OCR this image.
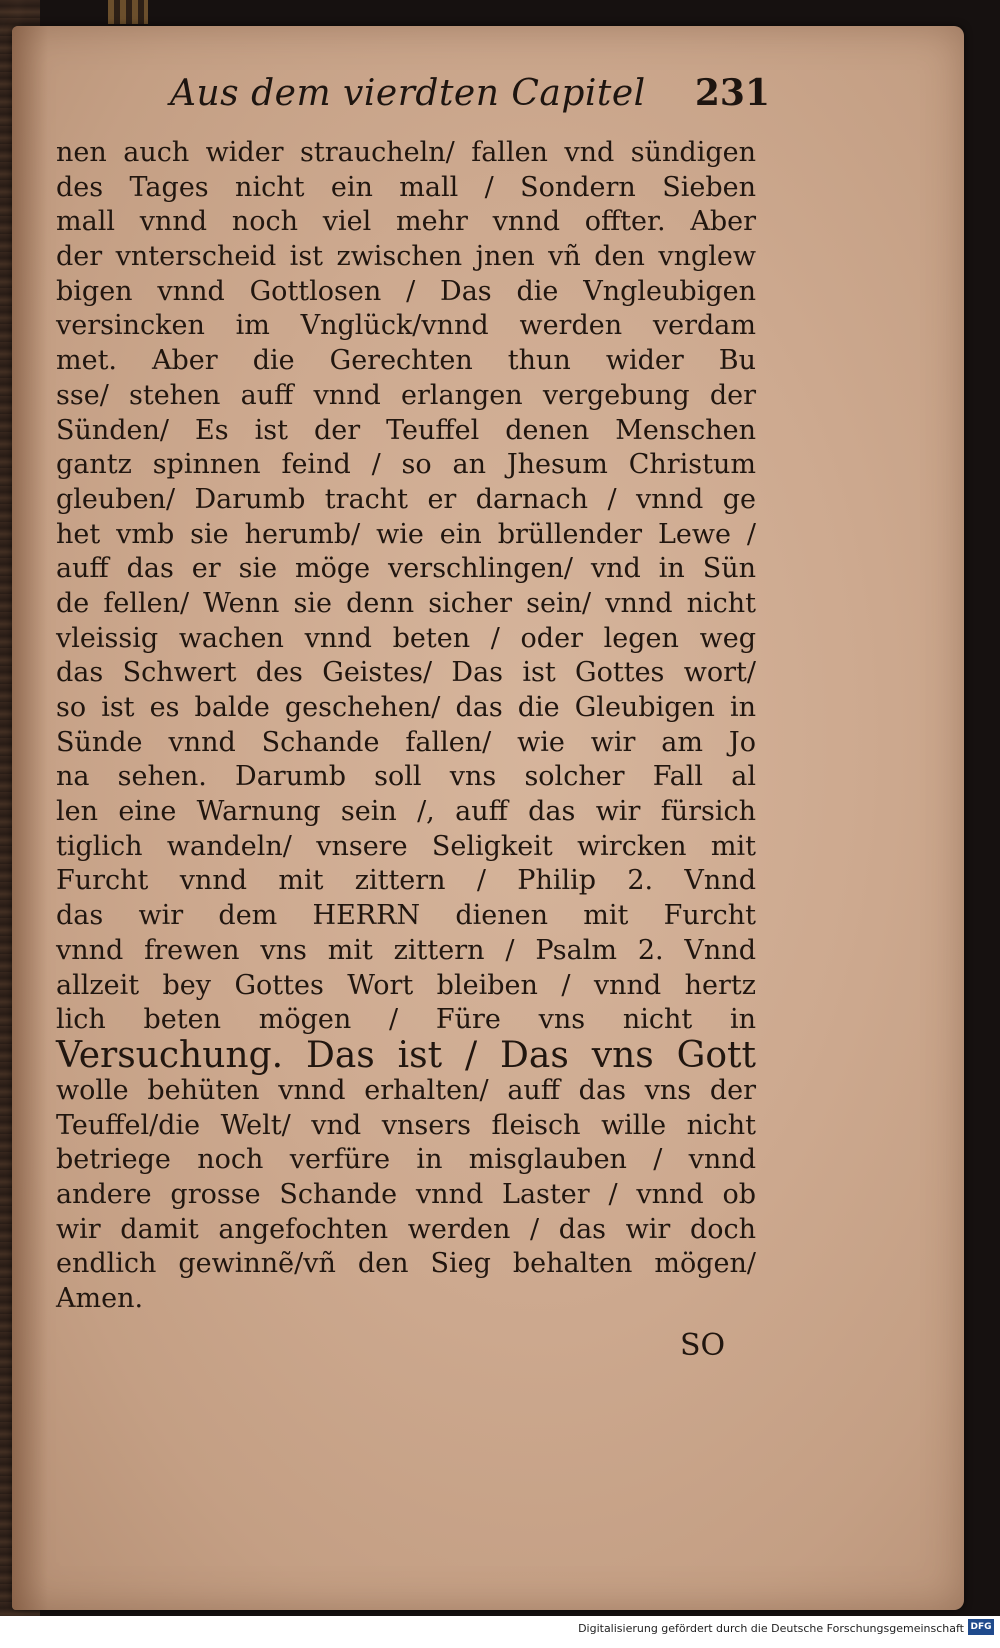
Aus dem vierdten Capitel 231
nen auch wider straucheln/ fallen vnd sündigen
des Tages nicht ein mall / Sondern Sieben
mall vnnd noch viel mehr vnnd offter. Aber
der vnterscheid ist zwischen jnen vñ den vnglew
bigen vnnd Gottlosen / Das die Vngleubigen
versincken im Vnglück/vnnd werden verdam
met. Aber die Gerechten thun wider Bu
sse/ stehen auff vnnd erlangen vergebung der
Sünden/ Es ist der Teuffel denen Menschen
gantz spinnen feind / so an Jhesum Christum
gleuben/ Darumb tracht er darnach / vnnd ge
het vmb sie herumb/ wie ein brüllender Lewe /
auff das er sie möge verschlingen/ vnd in Sün
de fellen/ Wenn sie denn sicher sein/ vnnd nicht
vleissig wachen vnnd beten / oder legen weg
das Schwert des Geistes/ Das ist Gottes wort/
so ist es balde geschehen/ das die Gleubigen in
Sünde vnnd Schande fallen/ wie wir am Jo
na sehen. Darumb soll vns solcher Fall al
len eine Warnung sein /, auff das wir fürsich
tiglich wandeln/ vnsere Seligkeit wircken mit
Furcht vnnd mit zittern / Philip 2. Vnnd
das wir dem HERRN dienen mit Furcht
vnnd frewen vns mit zittern / Psalm 2. Vnnd
allzeit bey Gottes Wort bleiben / vnnd hertz
lich beten mögen / Füre vns nicht in
Versuchung. Das ist / Das vns Gott
wolle behüten vnnd erhalten/ auff das vns der
Teuffel/die Welt/ vnd vnsers fleisch wille nicht
betriege noch verfüre in misglauben / vnnd
andere grosse Schande vnnd Laster / vnnd ob
wir damit angefochten werden / das wir doch
endlich gewinnẽ/vñ den Sieg behalten mögen/
Amen.
SO
Digitalisierung gefördert durch die Deutsche Forschungsgemeinschaft DFG
